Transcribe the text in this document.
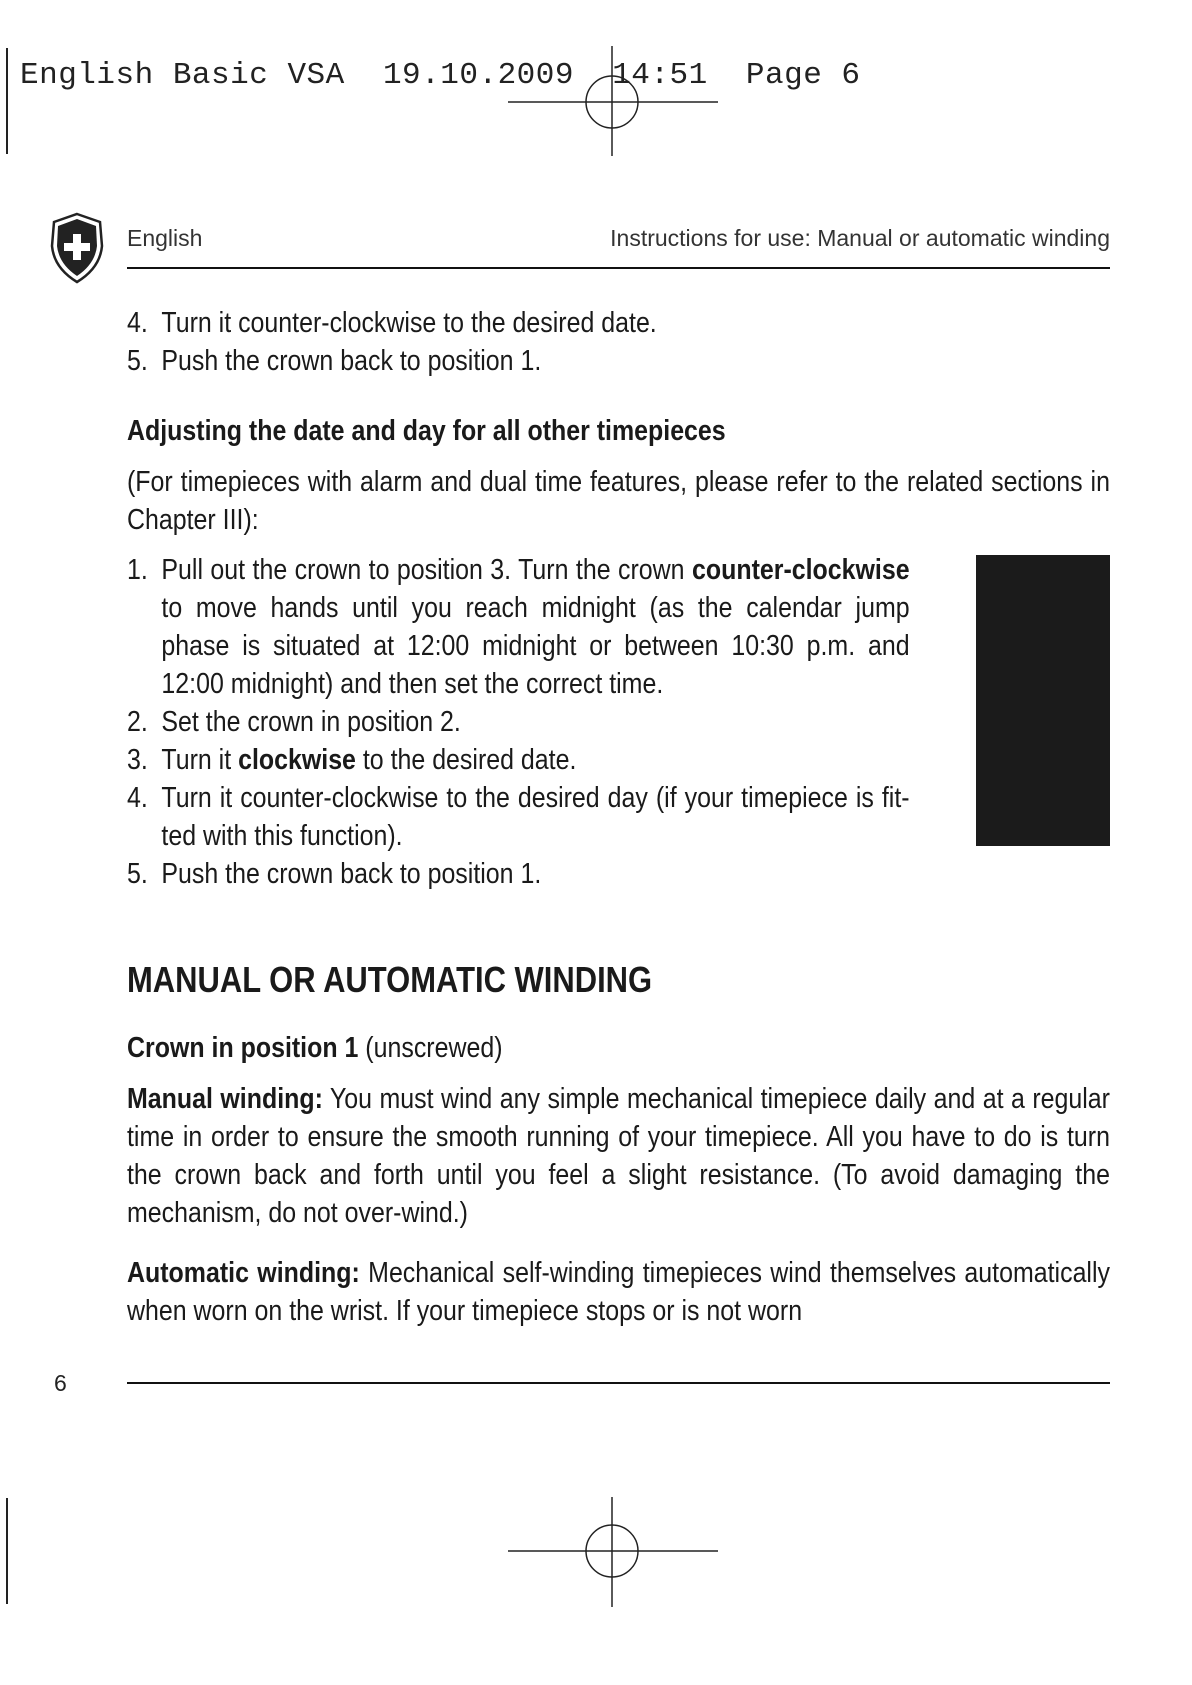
English Basic VSA  19.10.2009  14:51  Page 6
English	Instructions for use: Manual or automatic winding
4. Turn it counter-clockwise to the desired date.
5. Push the crown back to position 1.

Adjusting the date and day for all other timepieces

(For timepieces with alarm and dual time features, please refer to the related sections in Chapter III):

1. Pull out the crown to position 3. Turn the crown counter-clockwise to move hands until you reach midnight (as the calendar jump phase is situated at 12:00 midnight or between 10:30 p.m. and 12:00 midnight) and then set the correct time.
2. Set the crown in position 2.
3. Turn it clockwise to the desired date.
4. Turn it counter-clockwise to the desired day (if your timepiece is fitted with this function).
5. Push the crown back to position 1.

MANUAL OR AUTOMATIC WINDING

Crown in position 1 (unscrewed)

Manual winding: You must wind any simple mechanical timepiece daily and at a regular time in order to ensure the smooth running of your timepiece. All you have to do is turn the crown back and forth until you feel a slight resistance. (To avoid damaging the mechanism, do not over-wind.)

Automatic winding: Mechanical self-winding timepieces wind themselves automatically when worn on the wrist. If your timepiece stops or is not worn

6
